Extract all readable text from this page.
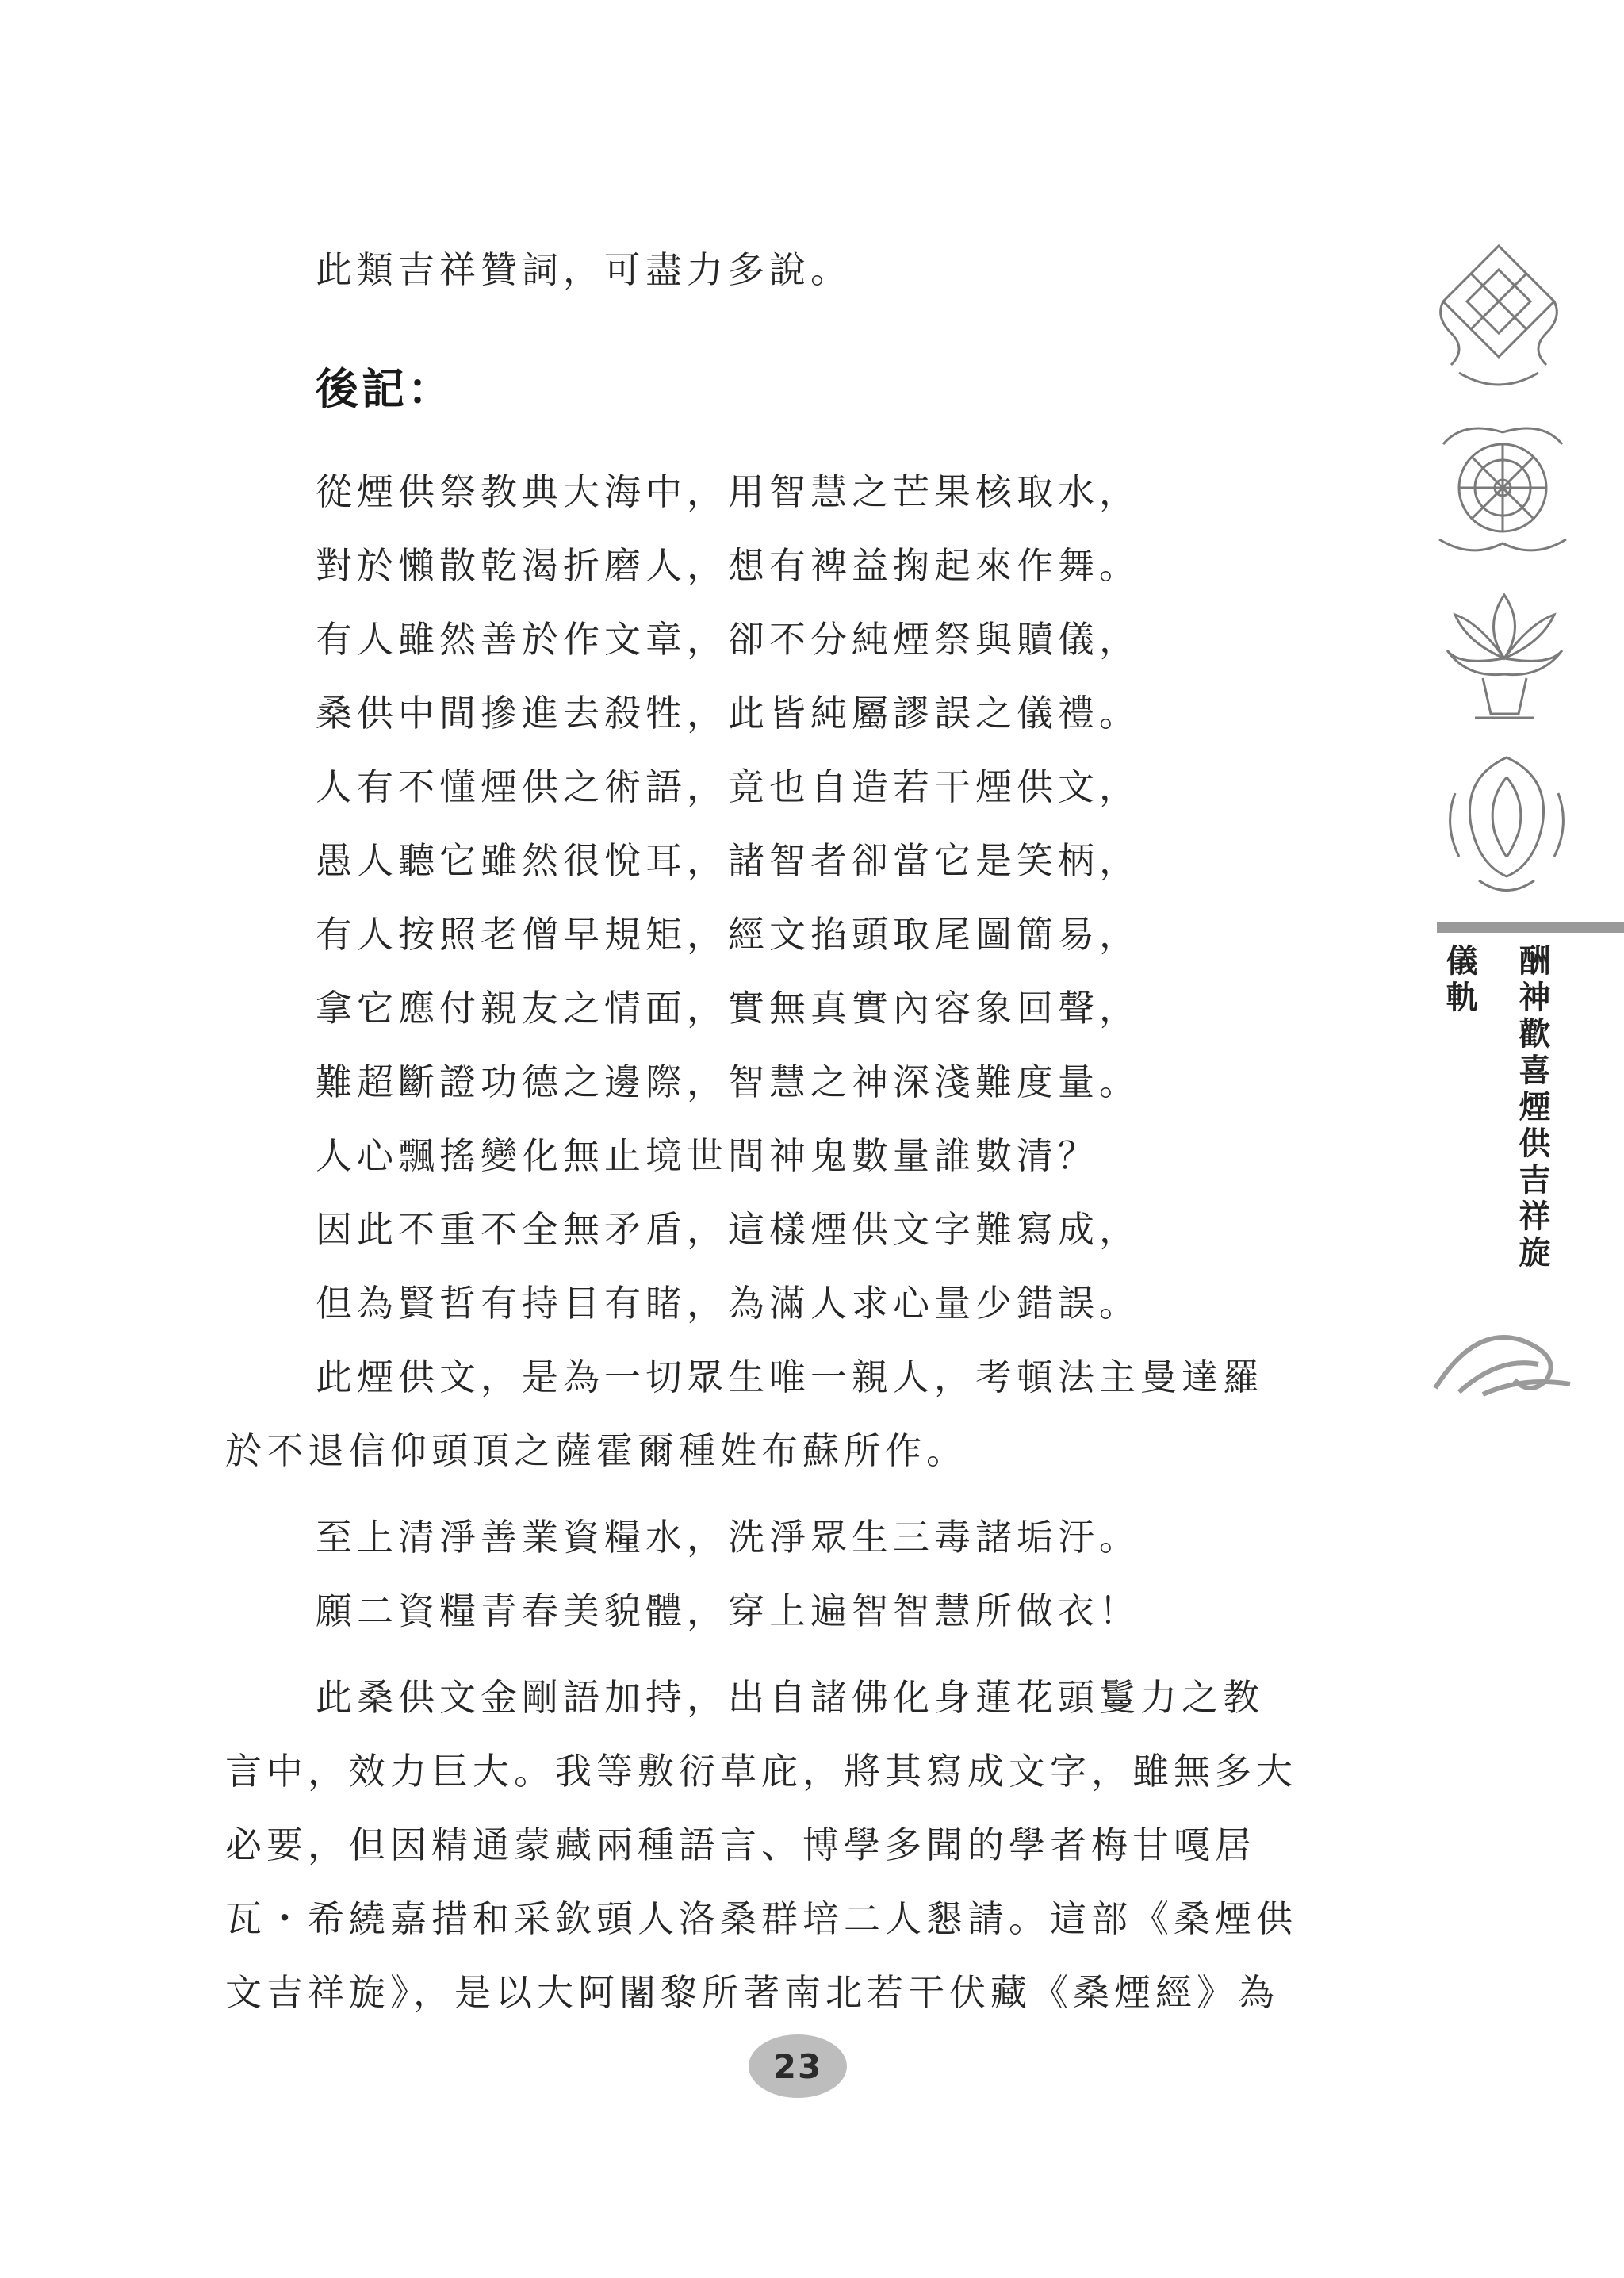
酬神歡喜煙供吉祥旋
儀軌
此類吉祥贊詞，可盡力多說。
後記：
從煙供祭教典大海中，用智慧之芒果核取水，
對於懶散乾渴折磨人，想有裨益掬起來作舞。
有人雖然善於作文章，卻不分純煙祭與贖儀，
桑供中間摻進去殺牲，此皆純屬謬誤之儀禮。
人有不懂煙供之術語，竟也自造若干煙供文，
愚人聽它雖然很悅耳，諸智者卻當它是笑柄，
有人按照老僧早規矩，經文掐頭取尾圖簡易，
拿它應付親友之情面，實無真實內容象回聲，
難超斷證功德之邊際，智慧之神深淺難度量。
人心飄搖變化無止境世間神鬼數量誰數清？
因此不重不全無矛盾，這樣煙供文字難寫成，
但為賢哲有持目有睹，為滿人求心量少錯誤。
此煙供文，是為一切眾生唯一親人，考頓法主曼達羅
於不退信仰頭頂之薩霍爾種姓布蘇所作。
至上清淨善業資糧水，洗淨眾生三毒諸垢汙。
願二資糧青春美貌體，穿上遍智智慧所做衣！
此桑供文金剛語加持，出自諸佛化身蓮花頭鬘力之教
言中，效力巨大。我等敷衍草庇，將其寫成文字，雖無多大
必要，但因精通蒙藏兩種語言、博學多聞的學者梅甘嘎居
瓦・希繞嘉措和采欽頭人洛桑群培二人懇請。這部《桑煙供
文吉祥旋》，是以大阿闍黎所著南北若干伏藏《桑煙經》為
23
